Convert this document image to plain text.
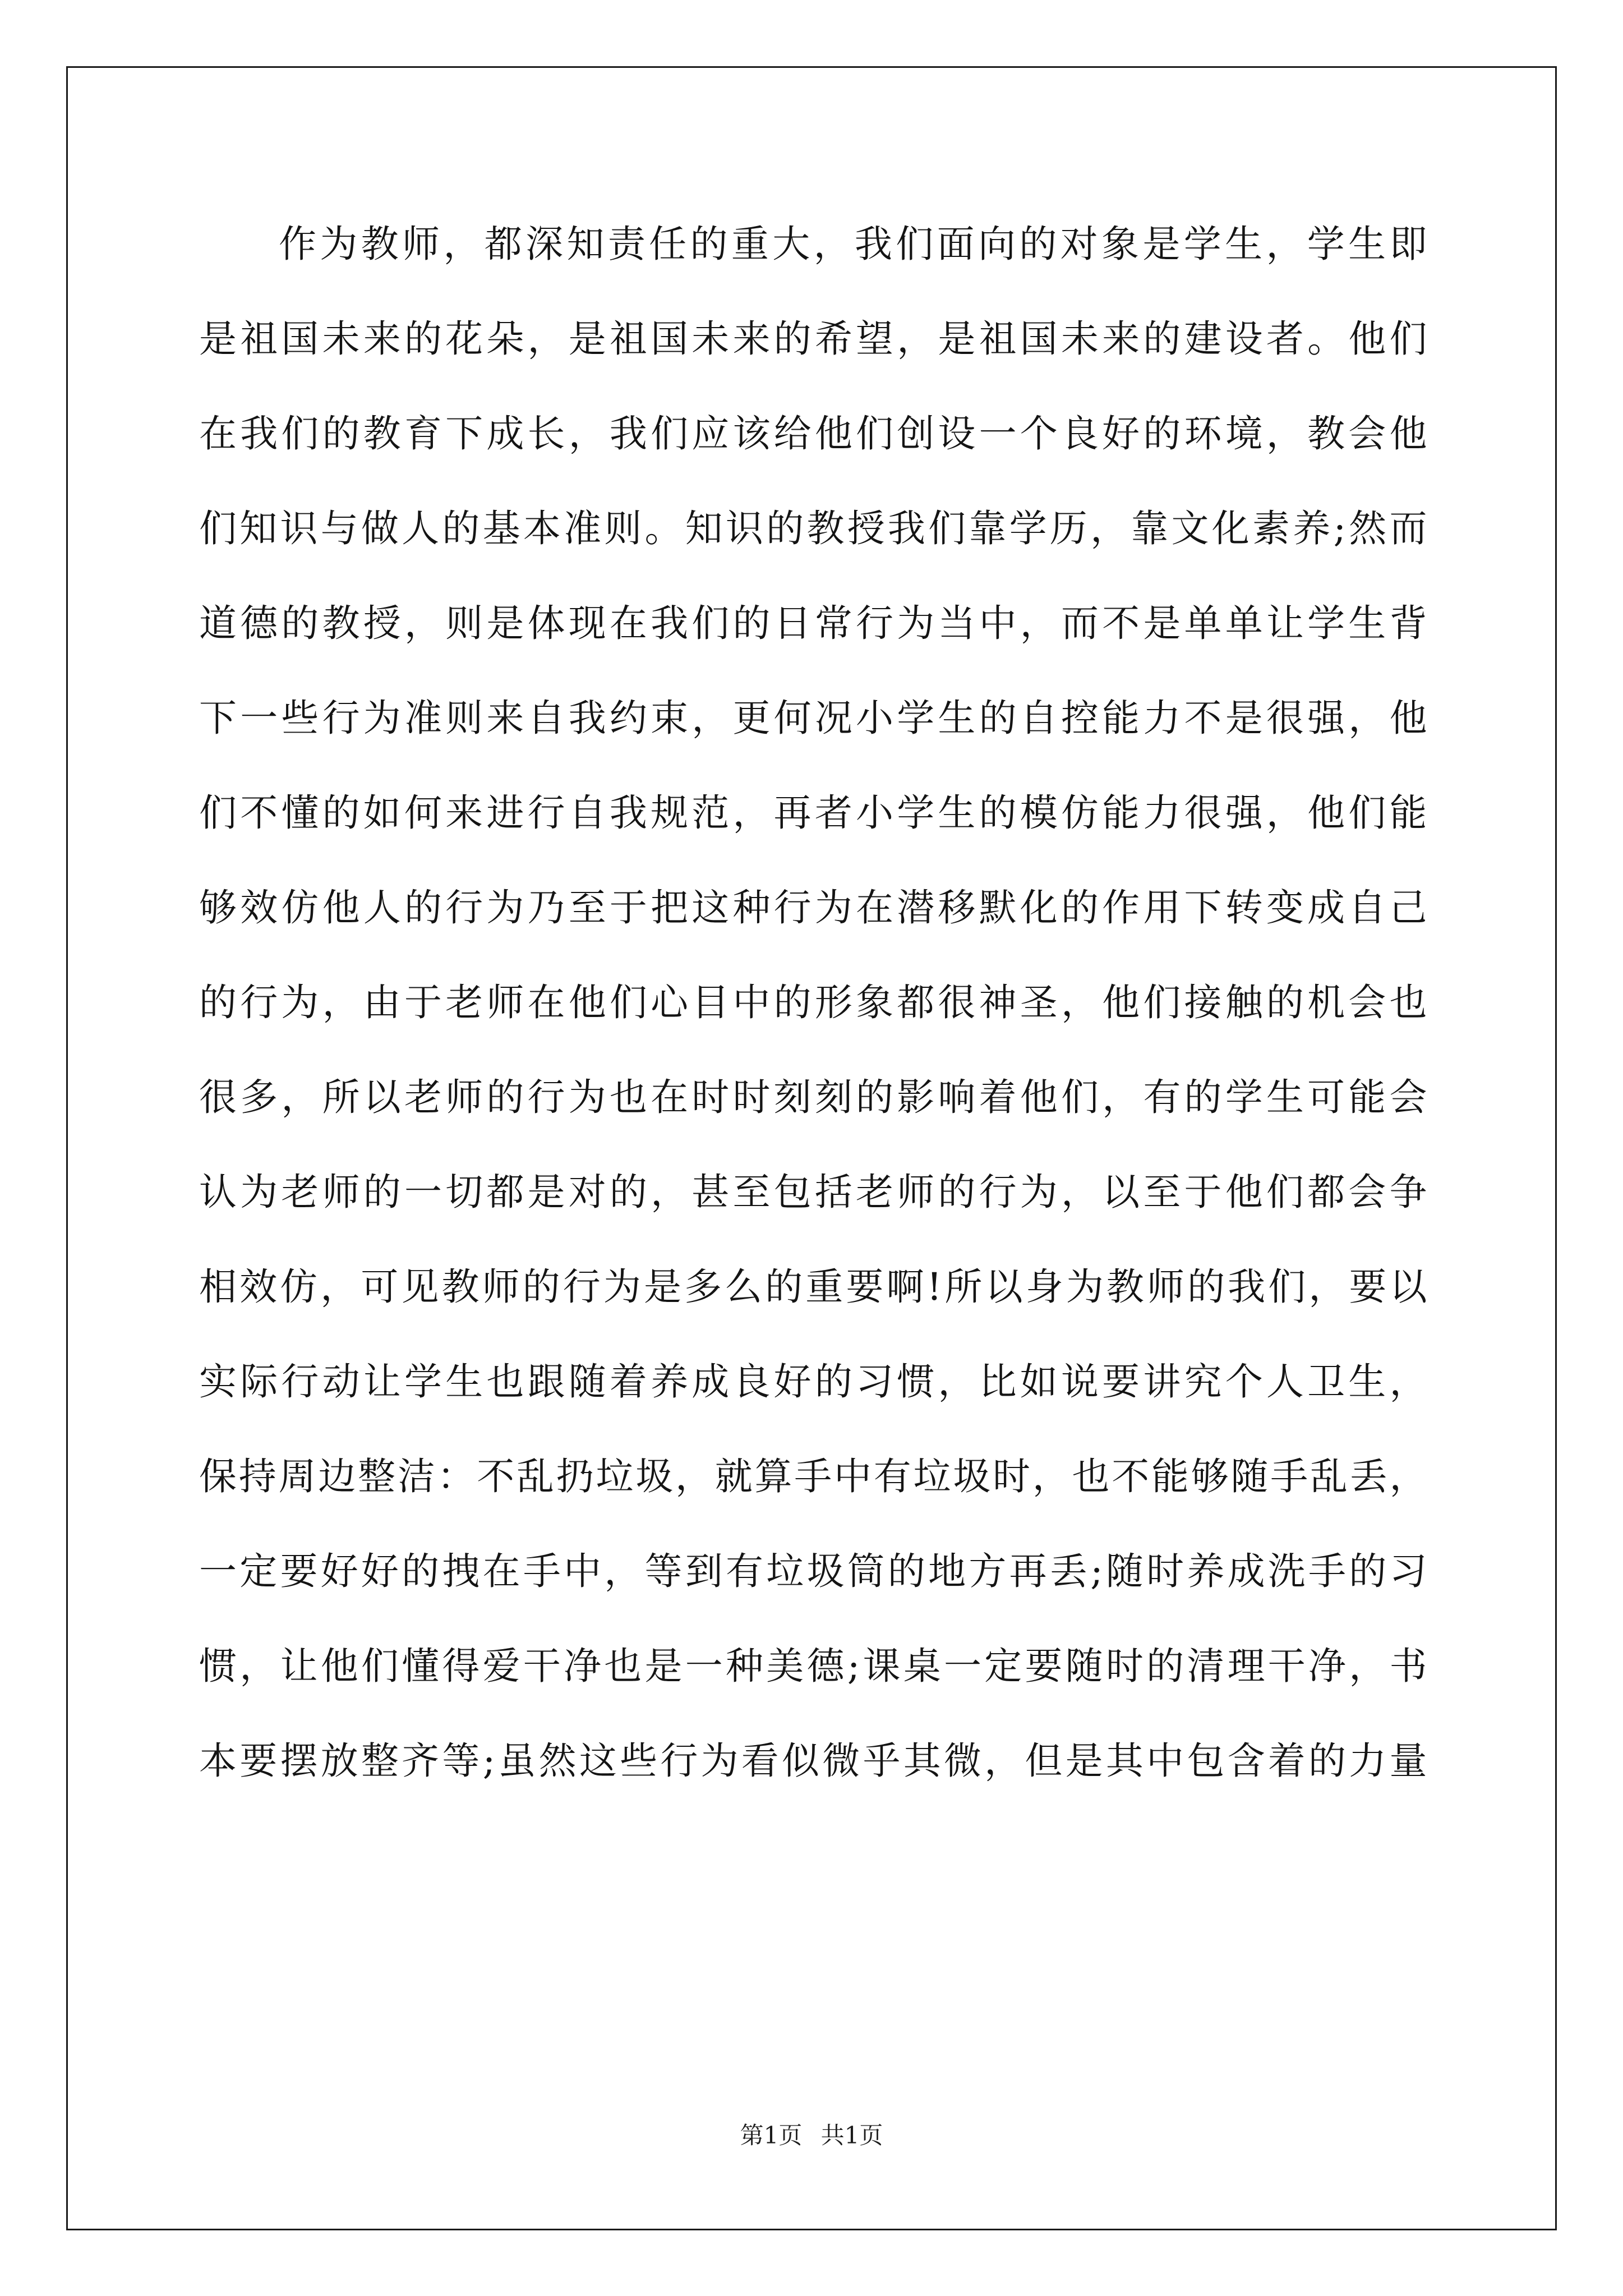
作为教师，都深知责任的重大，我们面向的对象是学生，学生即
是祖国未来的花朵，是祖国未来的希望，是祖国未来的建设者。他们
在我们的教育下成长，我们应该给他们创设一个良好的环境，教会他
们知识与做人的基本准则。知识的教授我们靠学历，靠文化素养;然而
道德的教授，则是体现在我们的日常行为当中，而不是单单让学生背
下一些行为准则来自我约束，更何况小学生的自控能力不是很强，他
们不懂的如何来进行自我规范，再者小学生的模仿能力很强，他们能
够效仿他人的行为乃至于把这种行为在潜移默化的作用下转变成自己
的行为，由于老师在他们心目中的形象都很神圣，他们接触的机会也
很多，所以老师的行为也在时时刻刻的影响着他们，有的学生可能会
认为老师的一切都是对的，甚至包括老师的行为，以至于他们都会争
相效仿，可见教师的行为是多么的重要啊!所以身为教师的我们，要以
实际行动让学生也跟随着养成良好的习惯，比如说要讲究个人卫生，
保持周边整洁：不乱扔垃圾，就算手中有垃圾时，也不能够随手乱丢，
一定要好好的拽在手中，等到有垃圾筒的地方再丢;随时养成洗手的习
惯，让他们懂得爱干净也是一种美德;课桌一定要随时的清理干净，书
本要摆放整齐等;虽然这些行为看似微乎其微，但是其中包含着的力量
第1页 共1页
